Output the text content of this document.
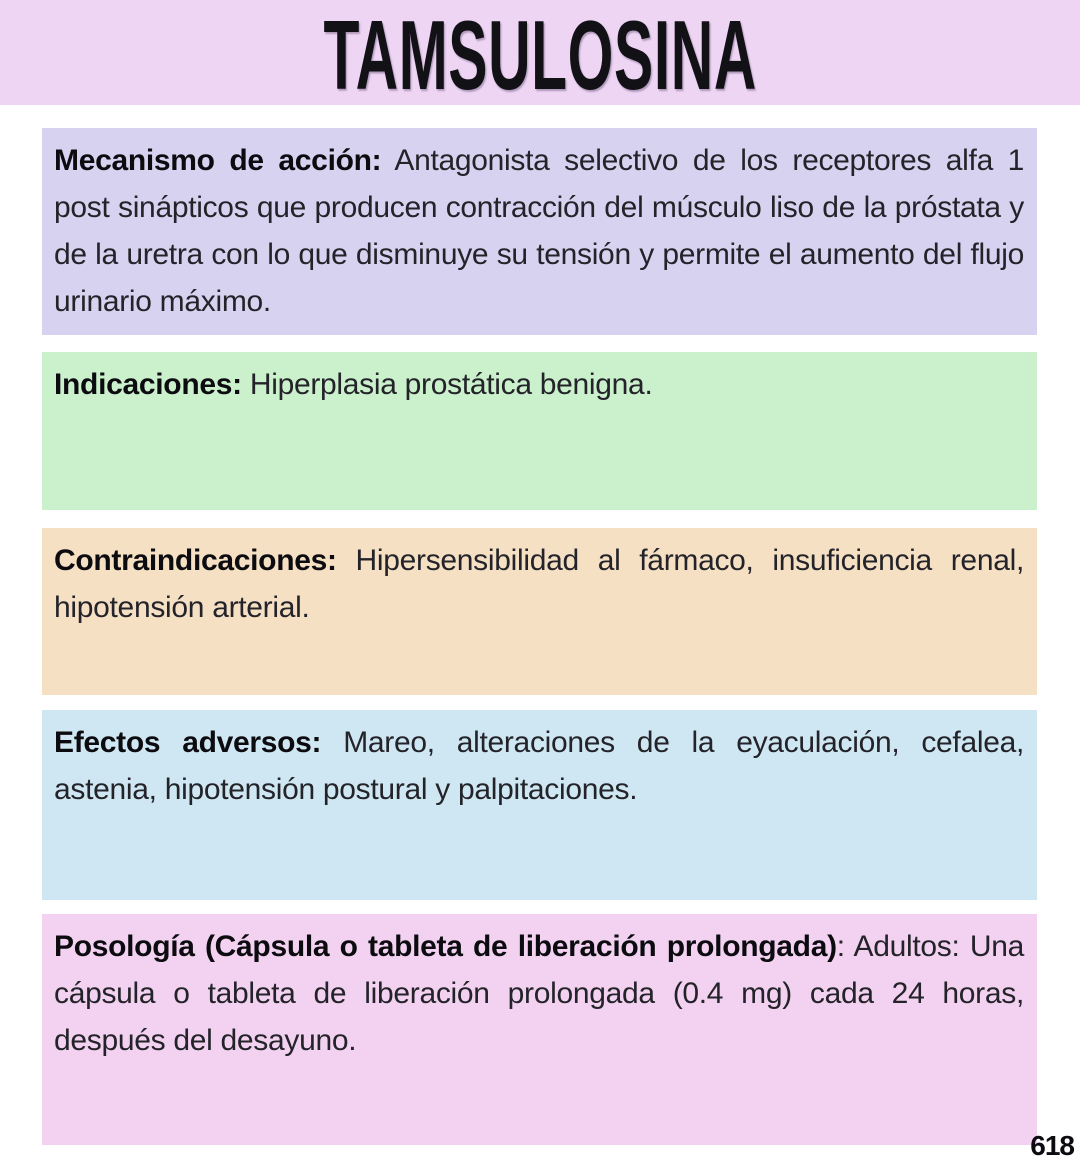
TAMSULOSINA
Mecanismo de acción: Antagonista selectivo de los receptores alfa 1 post sinápticos que producen contracción del músculo liso de la próstata y de la uretra con lo que disminuye su tensión y permite el aumento del flujo urinario máximo.
Indicaciones: Hiperplasia prostática benigna.
Contraindicaciones: Hipersensibilidad al fármaco, insuficiencia renal, hipotensión arterial.
Efectos adversos: Mareo, alteraciones de la eyaculación, cefalea, astenia, hipotensión postural y palpitaciones.
Posología (Cápsula o tableta de liberación prolongada): Adultos: Una cápsula o tableta de liberación prolongada (0.4 mg) cada 24 horas, después del desayuno.
618
